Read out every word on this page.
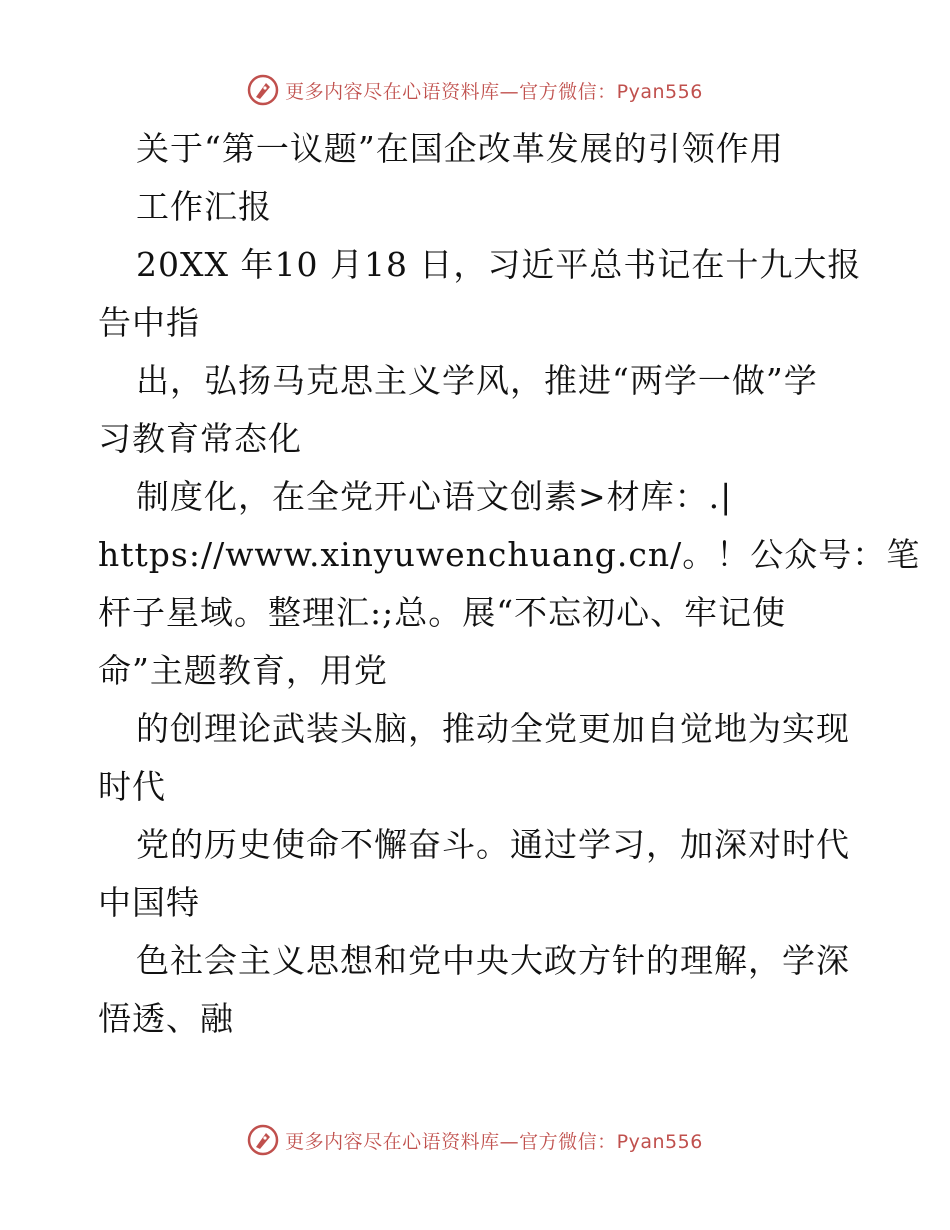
更多内容尽在心语资料库—官方微信：Pyan556
关于“第一议题”在国企改革发展的引领作用
工作汇报
20XX 年10 月18 日，习近平总书记在十九大报
告中指
出，弘扬马克思主义学风，推进“两学一做”学
习教育常态化
制度化，在全党开心语文创素>材库：.|
https://www.xinyuwenchuang.cn/。！公众号：笔
杆子星域。整理汇:;总。展“不忘初心、牢记使
命”主题教育，用党
的创理论武装头脑，推动全党更加自觉地为实现
时代
党的历史使命不懈奋斗。通过学习，加深对时代
中国特
色社会主义思想和党中央大政方针的理解，学深
悟透、融
更多内容尽在心语资料库—官方微信：Pyan556
